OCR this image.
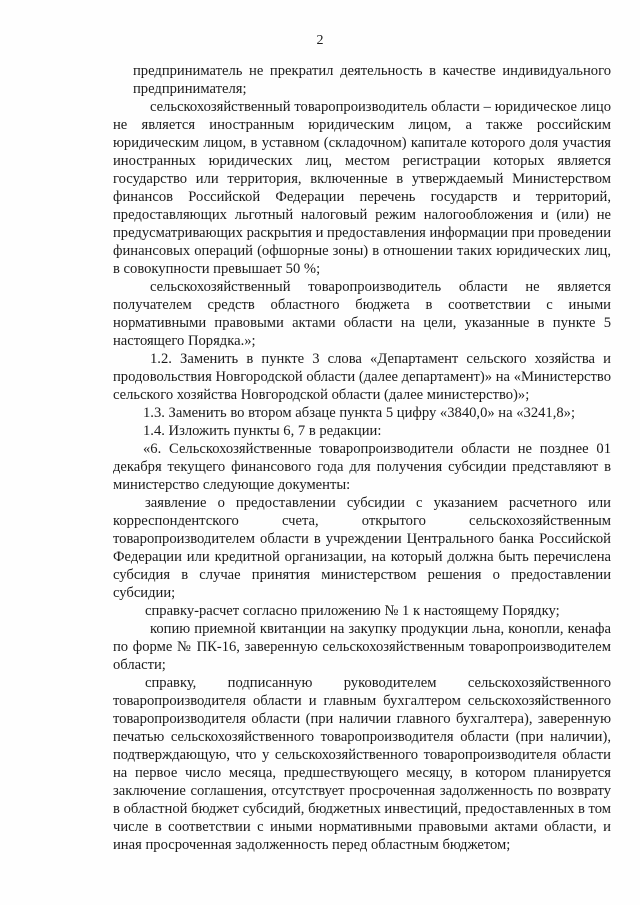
2

предприниматель не прекратил деятельность в качестве индивидуального предпринимателя;

сельскохозяйственный товаропроизводитель области – юридическое лицо не является иностранным юридическим лицом, а также российским юридическим лицом, в уставном (складочном) капитале которого доля участия иностранных юридических лиц, местом регистрации которых является государство или территория, включенные в утверждаемый Министерством финансов Российской Федерации перечень государств и территорий, предоставляющих льготный налоговый режим налогообложения и (или) не предусматривающих раскрытия и предоставления информации при проведении финансовых операций (офшорные зоны) в отношении таких юридических лиц, в совокупности превышает 50 %;

сельскохозяйственный товаропроизводитель области не является получателем средств областного бюджета в соответствии с иными нормативными правовыми актами области на цели, указанные в пункте 5 настоящего Порядка.»;

1.2. Заменить в пункте 3 слова «Департамент сельского хозяйства и продовольствия Новгородской области (далее департамент)» на «Министерство сельского хозяйства Новгородской области (далее министерство)»;

1.3. Заменить во втором абзаце пункта 5 цифру «3840,0» на «3241,8»;

1.4. Изложить пункты 6, 7 в редакции:

«6. Сельскохозяйственные товаропроизводители области не позднее 01 декабря текущего финансового года для получения субсидии представляют в министерство следующие документы:

заявление о предоставлении субсидии с указанием расчетного или корреспондентского счета, открытого сельскохозяйственным товаропроизводителем области в учреждении Центрального банка Российской Федерации или кредитной организации, на который должна быть перечислена субсидия в случае принятия министерством решения о предоставлении субсидии;

справку-расчет согласно приложению № 1 к настоящему Порядку;

копию приемной квитанции на закупку продукции льна, конопли, кенафа по форме № ПК-16, заверенную сельскохозяйственным товаропроизводителем области;

справку, подписанную руководителем сельскохозяйственного товаропроизводителя области и главным бухгалтером сельскохозяйственного товаропроизводителя области (при наличии главного бухгалтера), заверенную печатью сельскохозяйственного товаропроизводителя области (при наличии), подтверждающую, что у сельскохозяйственного товаропроизводителя области на первое число месяца, предшествующего месяцу, в котором планируется заключение соглашения, отсутствует просроченная задолженность по возврату в областной бюджет субсидий, бюджетных инвестиций, предоставленных в том числе в соответствии с иными нормативными правовыми актами области, и иная просроченная задолженность перед областным бюджетом;
